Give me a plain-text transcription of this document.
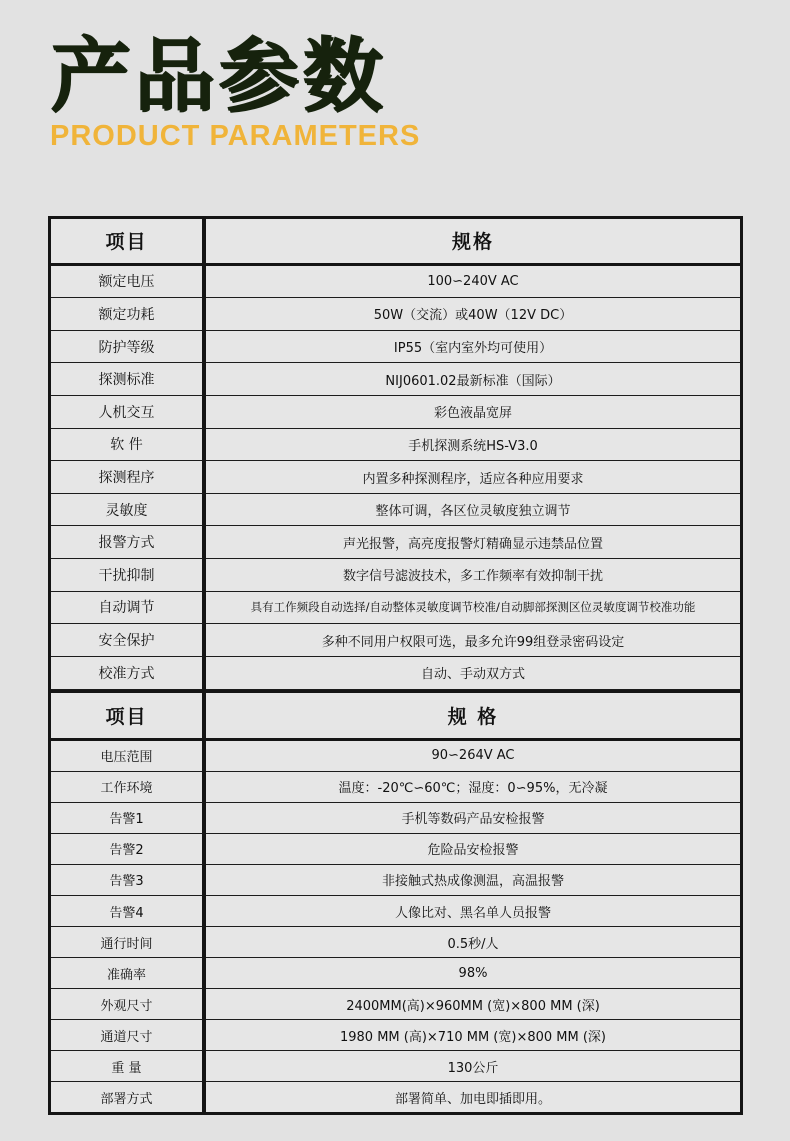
产品参数
PRODUCT PARAMETERS
项目	规格
额定电压	100∽240V AC
额定功耗	50W（交流）或40W（12V DC）
防护等级	IP55（室内室外均可使用）
探测标准	NIJ0601.02最新标准（国际）
人机交互	彩色液晶宽屏
软 件	手机探测系统HS-V3.0
探测程序	内置多种探测程序，适应各种应用要求
灵敏度	整体可调，各区位灵敏度独立调节
报警方式	声光报警，高亮度报警灯精确显示违禁品位置
干扰抑制	数字信号滤波技术，多工作频率有效抑制干扰
自动调节	具有工作频段自动选择/自动整体灵敏度调节校准/自动脚部探测区位灵敏度调节校准功能
安全保护	多种不同用户权限可选，最多允许99组登录密码设定
校准方式	自动、手动双方式
项目	规 格
电压范围	90∽264V AC
工作环境	温度：-20℃∽60℃；湿度：0∽95%，无冷凝
告警1	手机等数码产品安检报警
告警2	危险品安检报警
告警3	非接触式热成像测温，高温报警
告警4	人像比对、黑名单人员报警
通行时间	0.5秒/人
准确率	98%
外观尺寸	2400MM(高)×960MM (宽)×800 MM (深)
通道尺寸	1980 MM (高)×710 MM (宽)×800 MM (深)
重 量	130公斤
部署方式	部署简单、加电即插即用。
